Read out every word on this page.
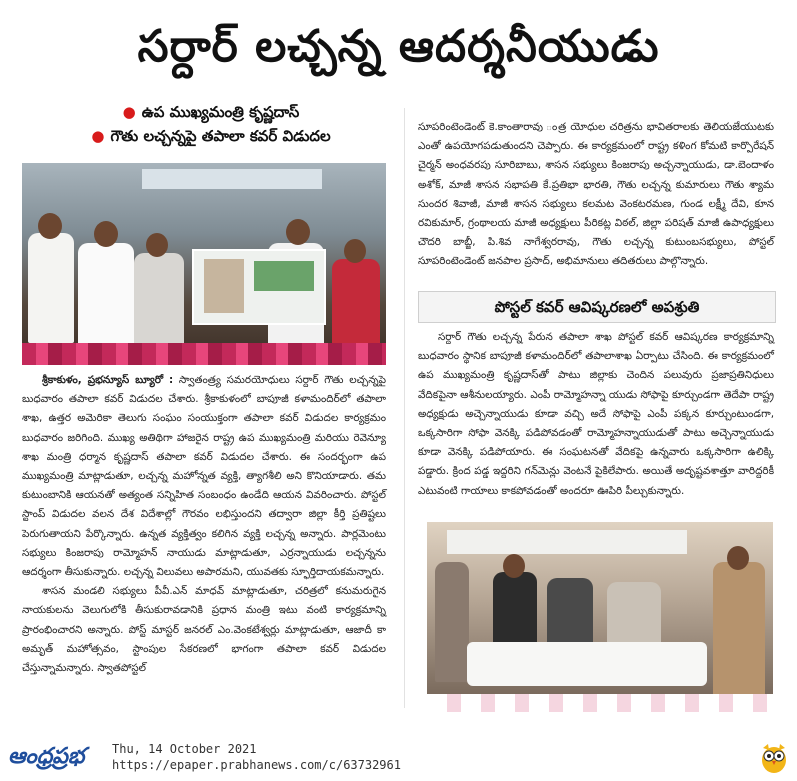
సర్దార్ లచ్చన్న ఆదర్శనీయుడు
● ఉప ముఖ్యమంత్రి కృష్ణదాస్
● గౌతు లచ్చన్నపై తపాలా కవర్ విడుదల

శ్రీకాకుళం, ప్రభన్యూస్ బ్యూరో : స్వాతంత్ర్య సమరయోధులు సర్దార్ గౌతు లచ్చన్నపై బుధవారం తపాలా కవర్ విడుదల చేశారు. శ్రీకాకుళంలో బాపూజీ కళామందిర్‌లో తపాలా శాఖ, ఉత్తర అమెరికా తెలుగు సంఘం సంయుక్తంగా తపాలా కవర్ విడుదల కార్యక్రమం బుధవారం జరిగింది. ముఖ్య అతిథిగా హాజరైన రాష్ట్ర ఉప ముఖ్యమంత్రి మరియు రెవెన్యూ శాఖ మంత్రి ధర్మాన కృష్ణదాస్ తపాలా కవర్ విడుదల చేశారు. ఈ సందర్భంగా ఉప ముఖ్యమంత్రి మాట్లాడుతూ, లచ్చన్న మహోన్నత వ్యక్తి, త్యాగశీలి అని కొనియాడారు. తమ కుటుంబానికి ఆయనతో అత్యంత సన్నిహిత సంబంధం ఉండేది ఆయన వివరించారు. పోస్టల్ స్టాంప్ విడుదల వలన దేశ విదేశాల్లో గౌరవం లభిస్తుందని తద్వారా జిల్లా కీర్తి ప్రతిష్టలు పెరుగుతాయని పేర్కొన్నారు. ఉన్నత వ్యక్తిత్వం కలిగిన వ్యక్తి లచ్చన్న అన్నారు. పార్లమెంటు సభ్యులు కింజరాపు రామ్మోహన్ నాయుడు మాట్లాడుతూ, ఎర్రన్నాయుడు లచ్చన్నను ఆదర్శంగా తీసుకున్నారు. లచ్చన్న విలువలు అపారమని, యువతకు స్ఫూర్తిదాయకమన్నారు.

శాసన మండలి సభ్యులు పీవీ.ఎన్ మాధవ్ మాట్లాడుతూ, చరిత్రలో కనుమరుగైన నాయకులను వెలుగులోకి తీసుకురావడానికి ప్రధాన మంత్రి ఇటు వంటి కార్యక్రమాన్ని ప్రారంభించారని అన్నారు. పోస్ట్ మాస్టర్ జనరల్ ఎం.వెంకటేశ్వర్లు మాట్లాడుతూ, ఆజాదీ కా అమృత్ మహోత్సవం, స్టాంపుల సేకరణలో భాగంగా తపాలా కవర్ విడుదల చేస్తున్నామన్నారు. స్వాతపోస్టల్

సూపరింటెండెంట్ కె.కాంతారావు ంత్ర యోధుల చరిత్రను భావితరాలకు తెలియజేయుటకు ఎంతో ఉపయోగపడుతుందని చెప్పారు. ఈ కార్యక్రమంలో రాష్ట్ర కళింగ కోమటి కార్పొరేషన్ చైర్మన్ అంధవరపు సూరిబాబు, శాసన సభ్యులు కింజరాపు అచ్చన్నాయుడు, డా.బెందాళం అశోక్, మాజీ శాసన సభాపతి కే.ప్రతిభా భారతి, గౌతు లచ్చన్న కుమారులు గౌతు శ్యామ సుందర శివాజీ, మాజీ శాసన సభ్యులు కలమట వెంకటరమణ, గుండ లక్ష్మీ దేవి, కూన రవికుమార్, గ్రంథాలయ మాజీ అధ్యక్షులు పీరికట్ల విఠల్, జిల్లా పరిషత్ మాజీ ఉపాధ్యక్షులు చౌదరి బాబ్జీ, పి.శివ నాగేశ్వరరావు, గౌతు లచ్చన్న కుటుంబసభ్యులు, పోస్టల్ సూపరింటెండెంట్ జనపాల ప్రసాద్, అభిమానులు తదితరులు పాల్గొన్నారు.

పోస్టల్ కవర్ ఆవిష్కరణలో అపశ్రుతి

సర్దార్ గౌతు లచ్చన్న పేరున తపాలా శాఖ పోస్టల్ కవర్ ఆవిష్కరణ కార్యక్రమాన్ని బుధవారం స్థానిక బాపూజీ కళామందిర్‌లో తపాలాశాఖ ఏర్పాటు చేసింది. ఈ కార్యక్రమంలో ఉప ముఖ్యమంత్రి కృష్ణదాస్‌తో పాటు జిల్లాకు చెందిన పలువురు ప్రజాప్రతినిధులు వేదికపైనా ఆశీనులయ్యారు. ఎంపీ రామ్మోహన్నా యుడు సోఫాపై కూర్చుండగా తెదేపా రాష్ట్ర అధ్యక్షుడు అచ్చెన్నాయుడు కూడా వచ్చి అదే సోఫాపై ఎంపీ పక్కన కూర్చుంటుండగా, ఒక్కసారిగా సోఫా వెనక్కి పడిపోవడంతో రామ్మోహన్నాయుడుతో పాటు అచ్చెన్నాయుడు కూడా వెనక్కి పడిపోయారు. ఈ సంఘటనతో వేదికపై ఉన్నవారు ఒక్కసారిగా ఉలిక్కి పడ్డారు. క్రింద పడ్డ ఇద్దరిని గన్‌మెన్లు వెంటనే పైకిలేపారు. అయితే అదృష్టవశాత్తూ వారిద్దరికీ ఎటువంటి గాయాలు కాకపోవడంతో అందరూ ఊపిరి పీల్చుకున్నారు.

ఆంధ్రప్రభ Thu, 14 October 2021
https://epaper.prabhanews.com/c/63732961
